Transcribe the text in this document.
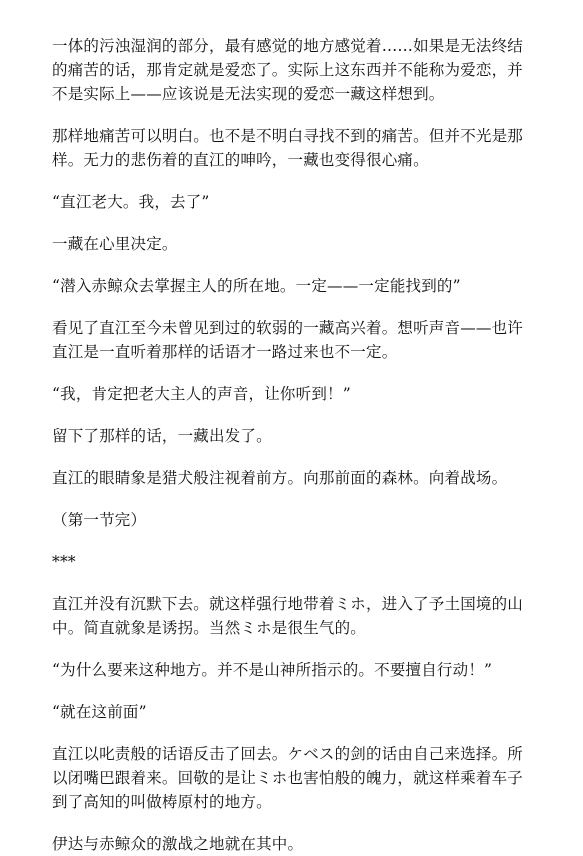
一体的污浊湿润的部分，最有感觉的地方感觉着……如果是无法终结的痛苦的话，那肯定就是爱恋了。实际上这东西并不能称为爱恋，并不是实际上——应该说是无法实现的爱恋一藏这样想到。

那样地痛苦可以明白。也不是不明白寻找不到的痛苦。但并不光是那样。无力的悲伤着的直江的呻吟，一藏也变得很心痛。

“直江老大。我，去了”

一藏在心里决定。

“潜入赤鲸众去掌握主人的所在地。一定——一定能找到的”

看见了直江至今未曾见到过的软弱的一藏高兴着。想听声音——也许直江是一直听着那样的话语才一路过来也不一定。

“我，肯定把老大主人的声音，让你听到！”

留下了那样的话，一藏出发了。

直江的眼睛象是猎犬般注视着前方。向那前面的森林。向着战场。

（第一节完）

***

直江并没有沉默下去。就这样强行地带着ミホ，进入了予土国境的山中。简直就象是诱拐。当然ミホ是很生气的。

“为什么要来这种地方。并不是山神所指示的。不要擅自行动！”

“就在这前面”

直江以叱责般的话语反击了回去。ケベス的剑的话由自己来选择。所以闭嘴巴跟着来。回敬的是让ミホ也害怕般的魄力，就这样乘着车子到了高知的叫做梼原村的地方。

伊达与赤鲸众的激战之地就在其中。
